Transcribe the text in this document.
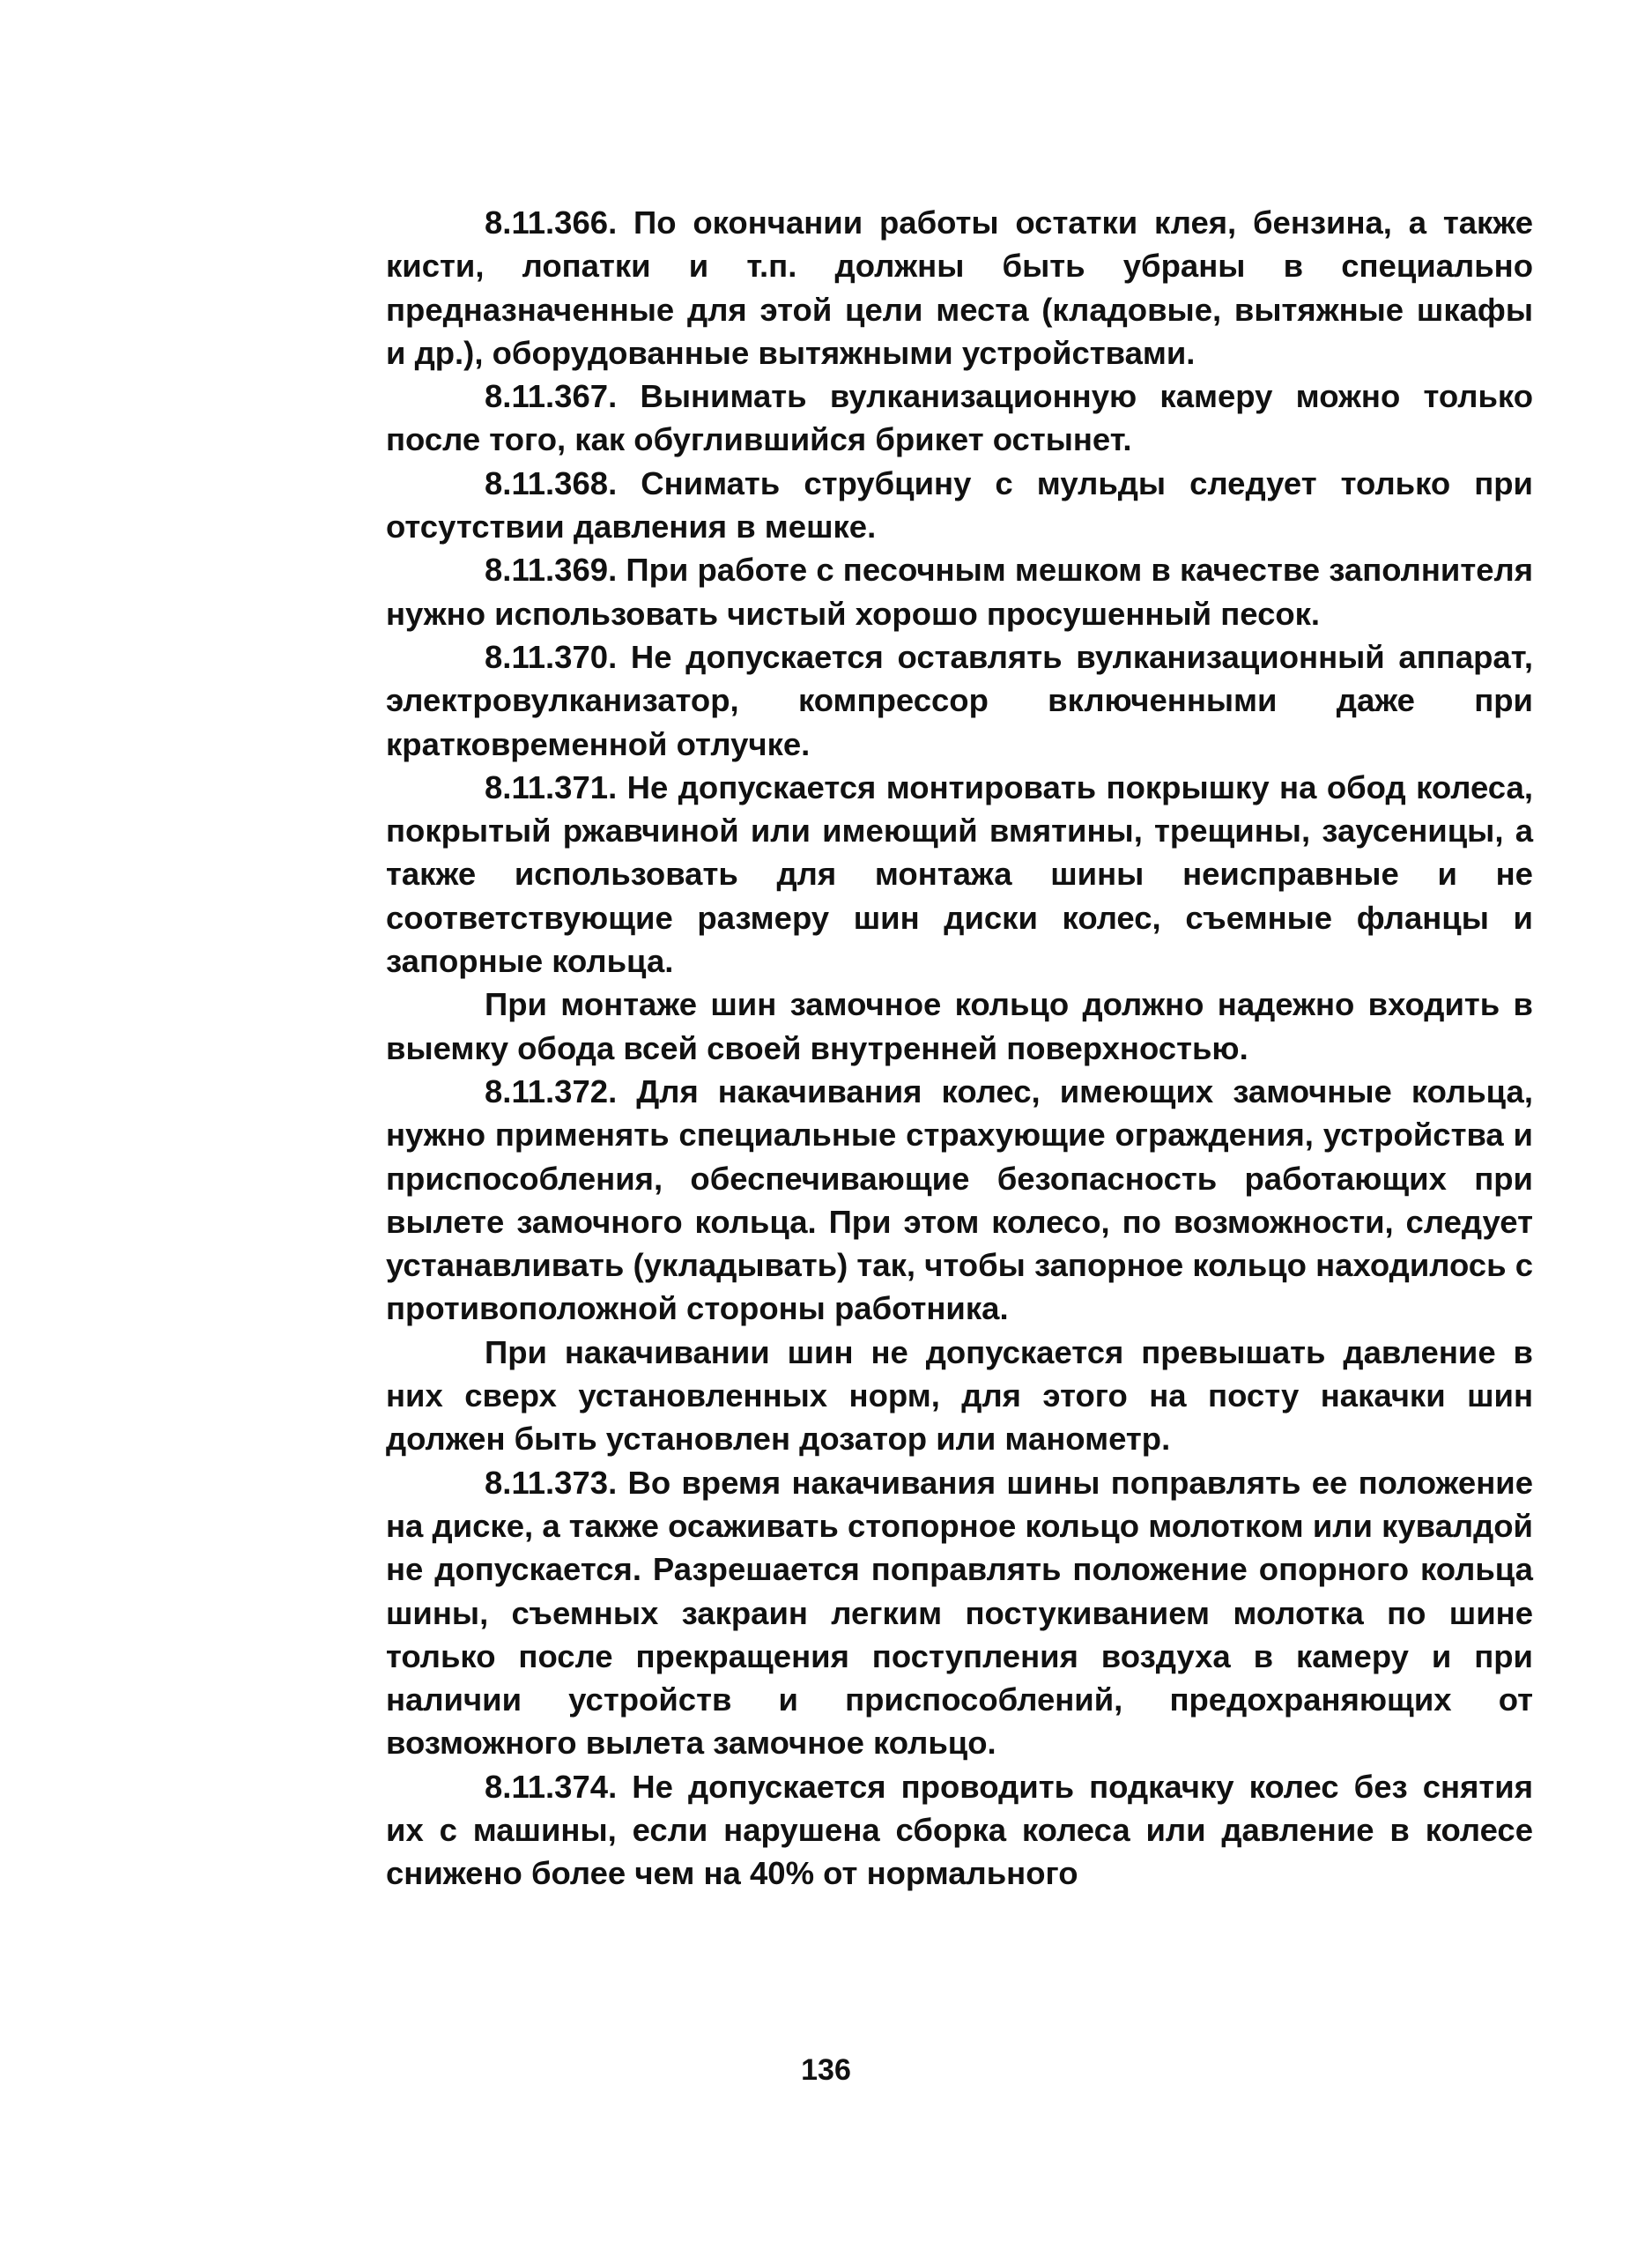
8.11.366. По окончании работы остатки клея, бензина, а также кисти, лопатки и т.п. должны быть убраны в специально предназначенные для этой цели места (кладовые, вытяжные шкафы и др.), оборудованные вытяжными устройствами.

8.11.367. Вынимать вулканизационную камеру можно только после того, как обуглившийся брикет остынет.

8.11.368. Снимать струбцину с мульды следует только при отсутствии давления в мешке.

8.11.369. При работе с песочным мешком в качестве заполнителя нужно использовать чистый хорошо просушенный песок.

8.11.370. Не допускается оставлять вулканизационный аппарат, электровулканизатор, компрессор включенными даже при кратковременной отлучке.

8.11.371. Не допускается монтировать покрышку на обод колеса, покрытый ржавчиной или имеющий вмятины, трещины, заусеницы, а также использовать для монтажа шины неисправные и не соответствующие размеру шин диски колес, съемные фланцы и запорные кольца.

При монтаже шин замочное кольцо должно надежно входить в выемку обода всей своей внутренней поверхностью.

8.11.372. Для накачивания колес, имеющих замочные кольца, нужно применять специальные страхующие ограждения, устройства и приспособления, обеспечивающие безопасность работающих при вылете замочного кольца. При этом колесо, по возможности, следует устанавливать (укладывать) так, чтобы запорное кольцо находилось с противоположной стороны работника.

При накачивании шин не допускается превышать давление в них сверх установленных норм, для этого на посту накачки шин должен быть установлен дозатор или манометр.

8.11.373. Во время накачивания шины поправлять ее положение на диске, а также осаживать стопорное кольцо молотком или кувалдой не допускается. Разрешается поправлять положение опорного кольца шины, съемных закраин легким постукиванием молотка по шине только после прекращения поступления воздуха в камеру и при наличии устройств и приспособлений, предохраняющих от возможного вылета замочное кольцо.

8.11.374. Не допускается проводить подкачку колес без снятия их с машины, если нарушена сборка колеса или давление в колесе снижено более чем на 40% от нормального

136
